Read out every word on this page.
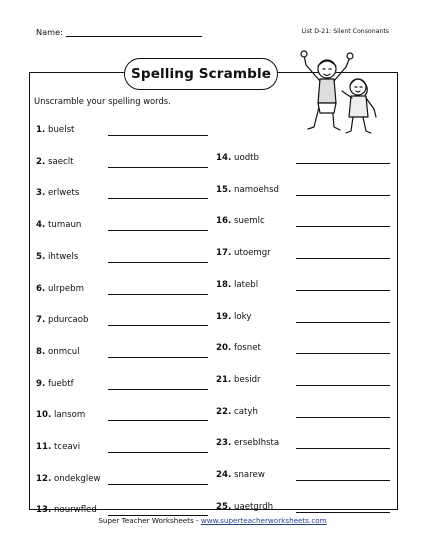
Name:	List D-21: Silent Consonants
Spelling Scramble
Unscramble your spelling words.
Super Teacher Worksheets - www.superteacherworksheets.com
1. buelst
2. saeclt
3. erlwets
4. tumaun
5. ihtwels
6. ulrpebm
7. pdurcaob
8. onmcul
9. fuebtf
10. lansom
11. tceavi
12. ondekglew
13. nourwfled
14. uodtb
15. namoehsd
16. suemlc
17. utoemgr
18. latebl
19. loky
20. fosnet
21. besidr
22. catyh
23. ersebIhsta
24. snarew
25. uaetgrdh
